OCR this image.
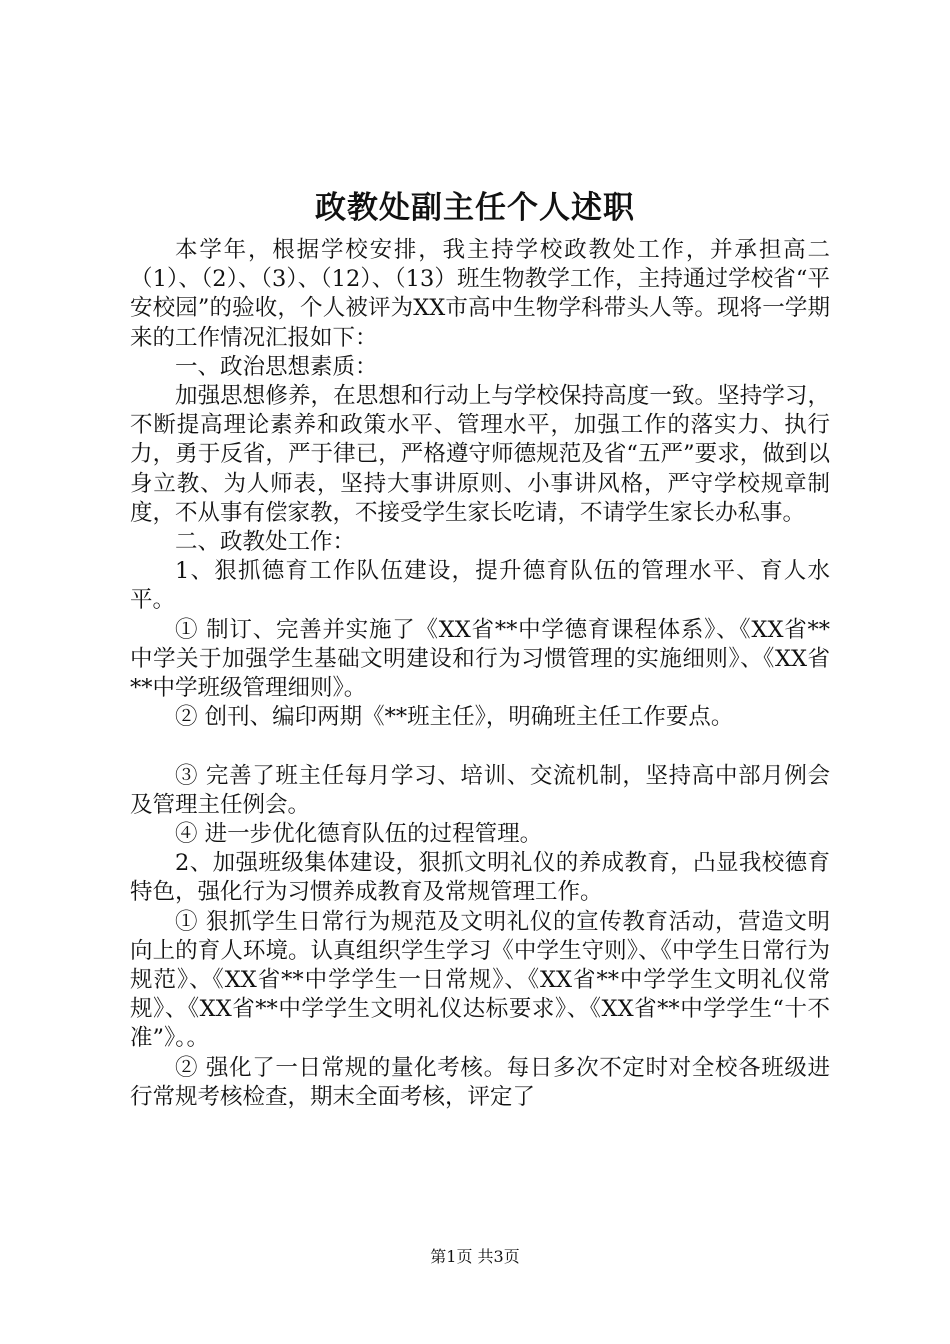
政教处副主任个人述职

本学年，根据学校安排，我主持学校政教处工作，并承担高二（1）、（2）、（3）、（12）、（13）班生物教学工作，主持通过学校省“平安校园”的验收，个人被评为XX市高中生物学科带头人等。现将一学期来的工作情况汇报如下：

一、政治思想素质：

加强思想修养，在思想和行动上与学校保持高度一致。坚持学习，不断提高理论素养和政策水平、管理水平，加强工作的落实力、执行力，勇于反省，严于律已，严格遵守师德规范及省“五严”要求，做到以身立教、为人师表，坚持大事讲原则、小事讲风格，严守学校规章制度，不从事有偿家教，不接受学生家长吃请，不请学生家长办私事。

二、政教处工作：

1、狠抓德育工作队伍建设，提升德育队伍的管理水平、育人水平。

① 制订、完善并实施了《XX省**中学德育课程体系》、《XX省**中学关于加强学生基础文明建设和行为习惯管理的实施细则》、《XX省**中学班级管理细则》。

② 创刊、编印两期《**班主任》，明确班主任工作要点。

③ 完善了班主任每月学习、培训、交流机制，坚持高中部月例会及管理主任例会。

④ 进一步优化德育队伍的过程管理。

2、加强班级集体建设，狠抓文明礼仪的养成教育，凸显我校德育特色，强化行为习惯养成教育及常规管理工作。

① 狠抓学生日常行为规范及文明礼仪的宣传教育活动，营造文明向上的育人环境。认真组织学生学习《中学生守则》、《中学生日常行为规范》、《XX省**中学学生一日常规》、《XX省**中学学生文明礼仪常规》、《XX省**中学学生文明礼仪达标要求》、《XX省**中学学生“十不准”》。。

② 强化了一日常规的量化考核。每日多次不定时对全校各班级进行常规考核检查，期末全面考核，评定了

第1页 共3页
